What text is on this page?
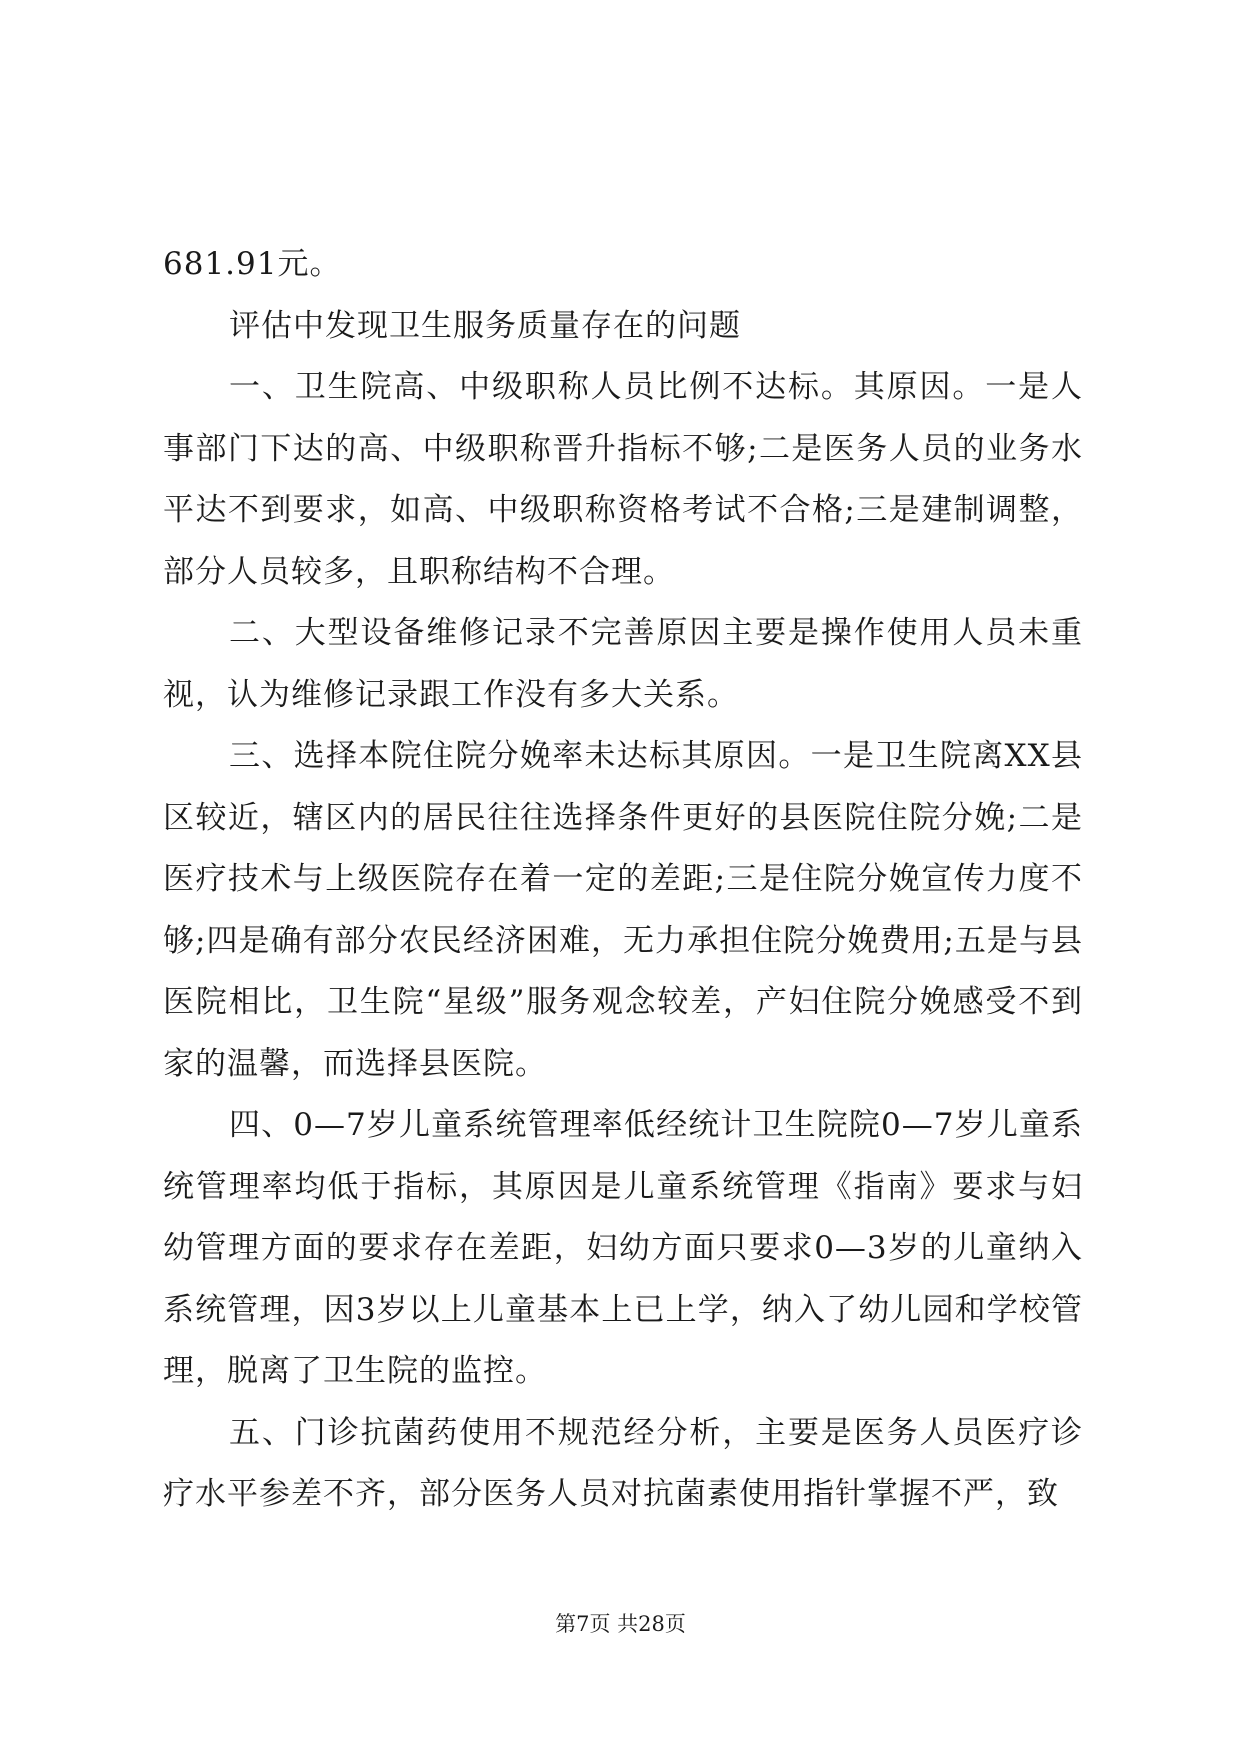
681.91元。

评估中发现卫生服务质量存在的问题

一、卫生院高、中级职称人员比例不达标。其原因。一是人事部门下达的高、中级职称晋升指标不够;二是医务人员的业务水平达不到要求，如高、中级职称资格考试不合格;三是建制调整，部分人员较多，且职称结构不合理。

二、大型设备维修记录不完善原因主要是操作使用人员未重视，认为维修记录跟工作没有多大关系。

三、选择本院住院分娩率未达标其原因。一是卫生院离XX县区较近，辖区内的居民往往选择条件更好的县医院住院分娩;二是医疗技术与上级医院存在着一定的差距;三是住院分娩宣传力度不够;四是确有部分农民经济困难，无力承担住院分娩费用;五是与县医院相比，卫生院“星级”服务观念较差，产妇住院分娩感受不到家的温馨，而选择县医院。

四、0—7岁儿童系统管理率低经统计卫生院院0—7岁儿童系统管理率均低于指标，其原因是儿童系统管理《指南》要求与妇幼管理方面的要求存在差距，妇幼方面只要求0—3岁的儿童纳入系统管理，因3岁以上儿童基本上已上学，纳入了幼儿园和学校管理，脱离了卫生院的监控。

五、门诊抗菌药使用不规范经分析，主要是医务人员医疗诊疗水平参差不齐，部分医务人员对抗菌素使用指针掌握不严，致

第7页 共28页
